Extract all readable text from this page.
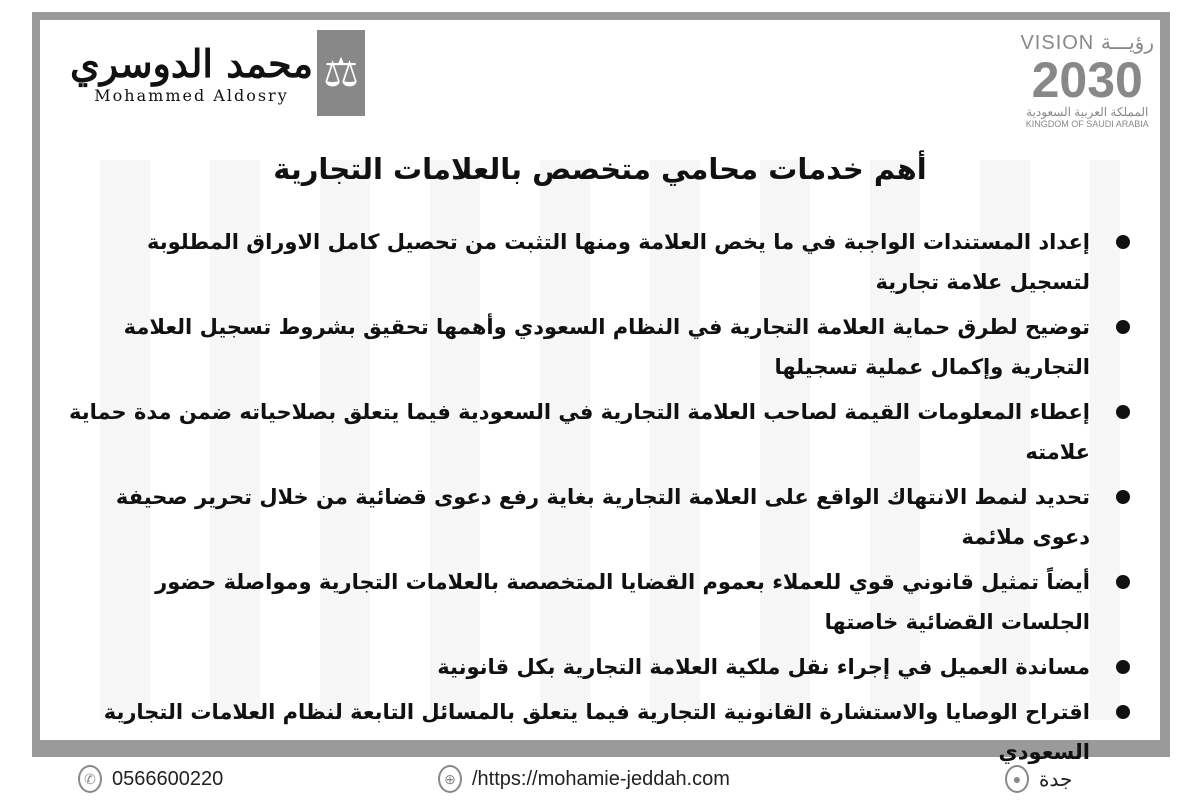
محمد الدوسري
Mohammed Aldosry ⚖
VISION رؤيـــة
2030
المملكة العربية السعودية
KINGDOM OF SAUDI ARABIA
أهم خدمات محامي متخصص بالعلامات التجارية
إعداد المستندات الواجبة في ما يخص العلامة ومنها التثبت من تحصيل كامل الاوراق المطلوبة لتسجيل علامة تجارية
توضيح لطرق حماية العلامة التجارية في النظام السعودي وأهمها تحقيق بشروط تسجيل العلامة التجارية وإكمال عملية تسجيلها
إعطاء المعلومات القيمة لصاحب العلامة التجارية في السعودية فيما يتعلق بصلاحياته ضمن مدة حماية علامته
تحديد لنمط الانتهاك الواقع على العلامة التجارية بغاية رفع دعوى قضائية من خلال تحرير صحيفة دعوى ملائمة
أيضاً تمثيل قانوني قوي للعملاء بعموم القضايا المتخصصة بالعلامات التجارية ومواصلة حضور الجلسات القضائية خاصتها
مساندة العميل في إجراء نقل ملكية العلامة التجارية بكل قانونية
اقتراح الوصايا والاستشارة القانونية التجارية فيما يتعلق بالمسائل التابعة لنظام العلامات التجارية السعودي
✆ 0566600220	⊕ /https://mohamie-jeddah.com	● جدة
